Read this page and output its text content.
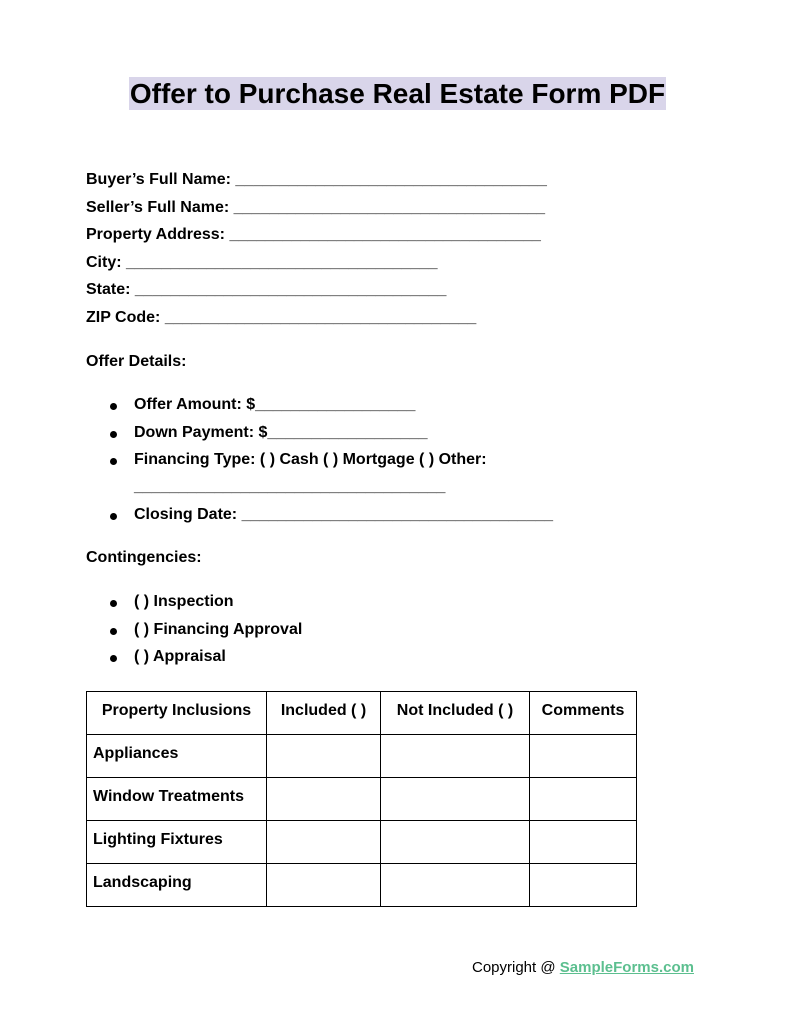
Offer to Purchase Real Estate Form PDF
Buyer’s Full Name: ___________________________________
Seller’s Full Name: ___________________________________
Property Address: ___________________________________
City: ___________________________________
State: ___________________________________
ZIP Code: ___________________________________
Offer Details:
Offer Amount: $__________________
Down Payment: $__________________
Financing Type: ( ) Cash ( ) Mortgage ( ) Other:
___________________________________
Closing Date: ___________________________________
Contingencies:
( ) Inspection
( ) Financing Approval
( ) Appraisal
Property Inclusions	Included ( )	Not Included ( )	Comments
Appliances			
Window Treatments			
Lighting Fixtures			
Landscaping			
Copyright @ SampleForms.com
